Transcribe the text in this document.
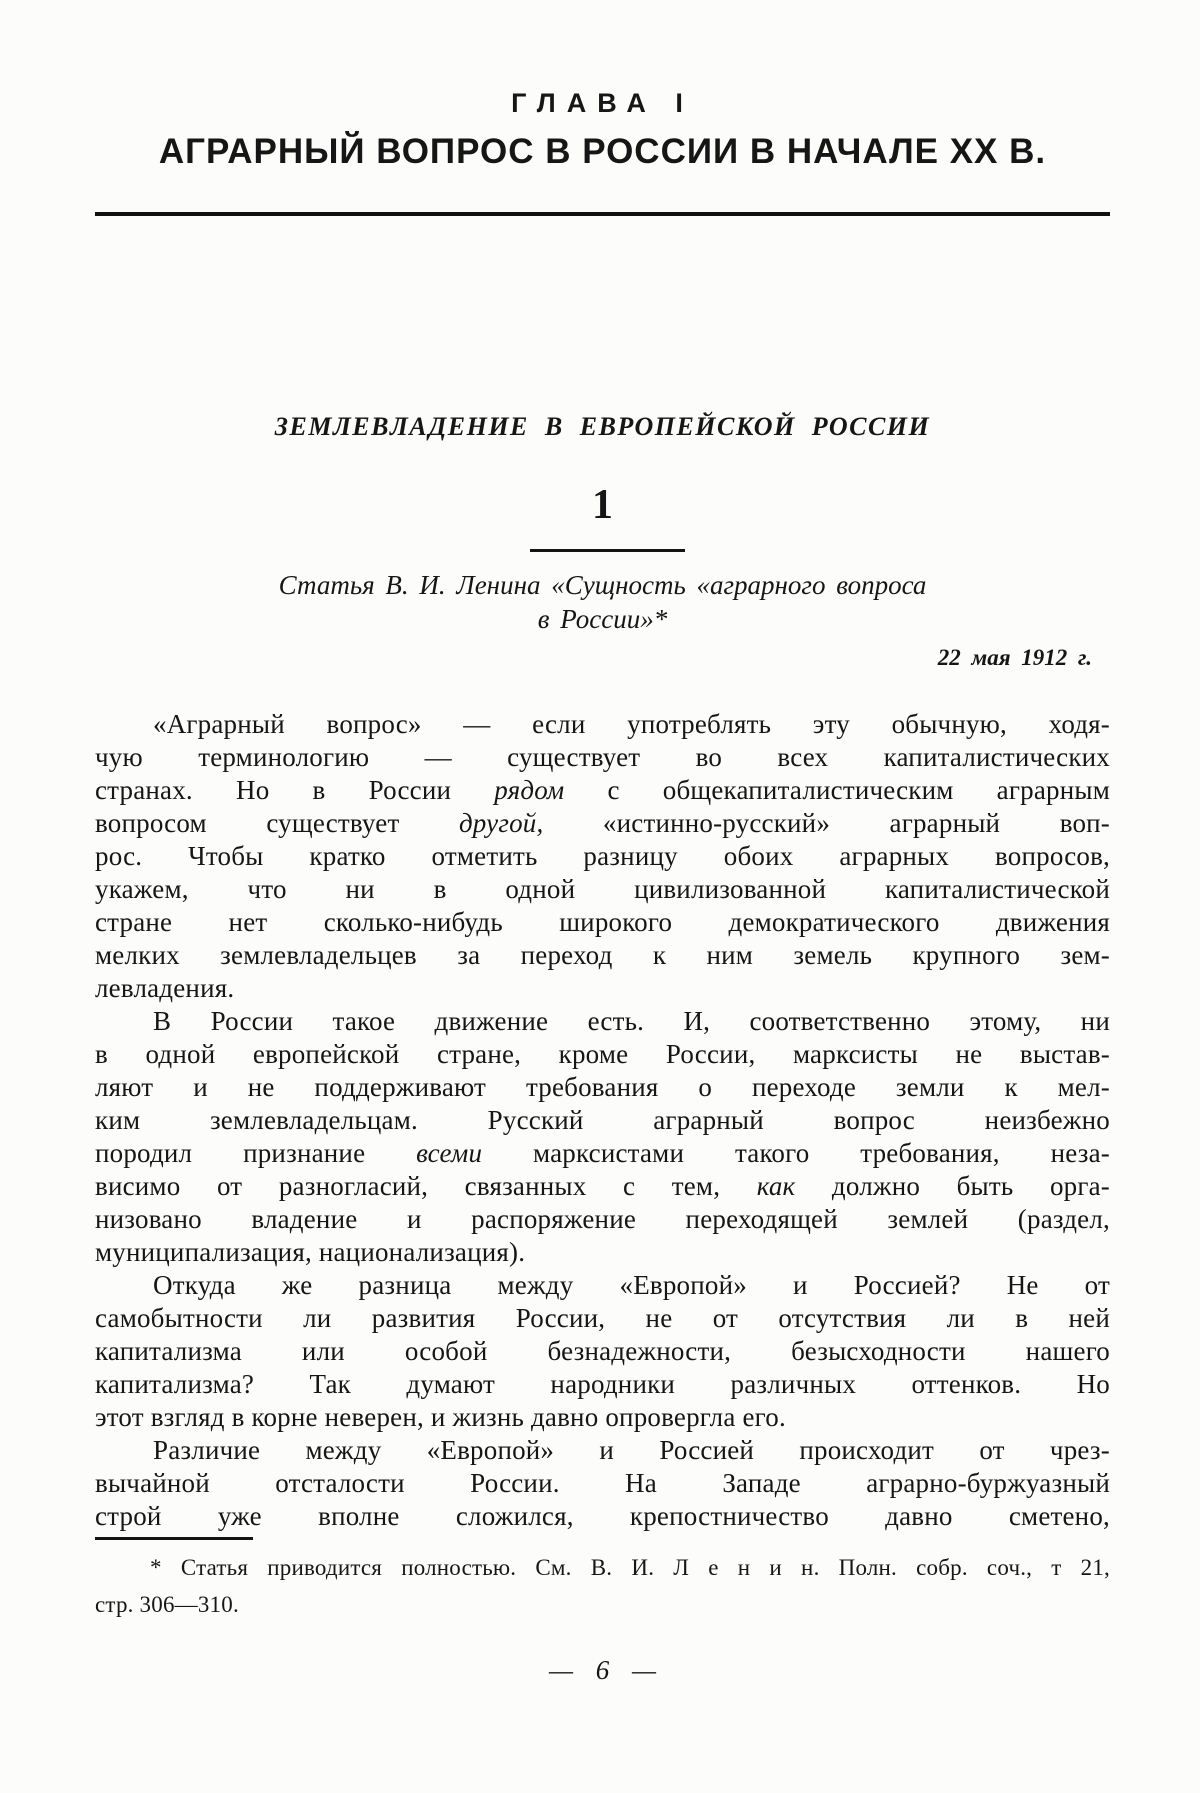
ГЛАВА I
АГРАРНЫЙ ВОПРОС В РОССИИ В НАЧАЛЕ XX В.
ЗЕМЛЕВЛАДЕНИЕ В ЕВРОПЕЙСКОЙ РОССИИ
1
Статья В. И. Ленина «Сущность «аграрного вопроса
в России»*
22 мая 1912 г.
«Аграрный вопрос» — если употреблять эту обычную, ходя-
чую терминологию — существует во всех капиталистических
странах. Но в России рядом с общекапиталистическим аграрным
вопросом существует другой, «истинно-русский» аграрный воп-
рос. Чтобы кратко отметить разницу обоих аграрных вопросов,
укажем, что ни в одной цивилизованной капиталистической
стране нет сколько-нибудь широкого демократического движения
мелких землевладельцев за переход к ним земель крупного зем-
левладения.
В России такое движение есть. И, соответственно этому, ни
в одной европейской стране, кроме России, марксисты не выстав-
ляют и не поддерживают требования о переходе земли к мел-
ким землевладельцам. Русский аграрный вопрос неизбежно
породил признание всеми марксистами такого требования, неза-
висимо от разногласий, связанных с тем, как должно быть орга-
низовано владение и распоряжение переходящей землей (раздел,
муниципализация, национализация).
Откуда же разница между «Европой» и Россией? Не от
самобытности ли развития России, не от отсутствия ли в ней
капитализма или особой безнадежности, безысходности нашего
капитализма? Так думают народники различных оттенков. Но
этот взгляд в корне неверен, и жизнь давно опровергла его.
Различие между «Европой» и Россией происходит от чрез-
вычайной отсталости России. На Западе аграрно-буржуазный
строй уже вполне сложился, крепостничество давно сметено,
* Статья приводится полностью. См. В. И. Л е н и н. Полн. собр. соч., т 21,
стр. 306—310.
— 6 —
